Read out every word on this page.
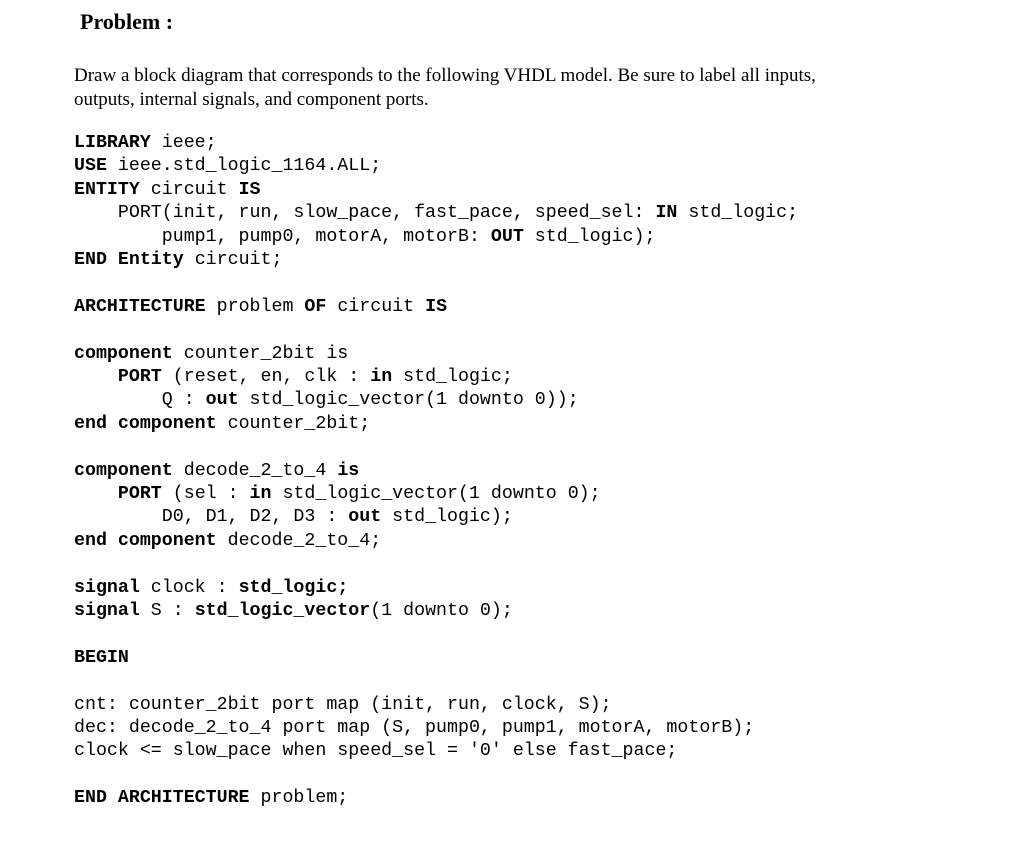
Problem :
Draw a block diagram that corresponds to the following VHDL model. Be sure to label all inputs,
outputs, internal signals, and component ports.
LIBRARY ieee;
USE ieee.std_logic_1164.ALL;
ENTITY circuit IS
PORT(init, run, slow_pace, fast_pace, speed_sel: IN std_logic;
pump1, pump0, motorA, motorB: OUT std_logic);
END Entity circuit;
ARCHITECTURE problem OF circuit IS
component counter_2bit is
PORT (reset, en, clk : in std_logic;
Q : out std_logic_vector(1 downto 0));
end component counter_2bit;
component decode_2_to_4 is
PORT (sel : in std_logic_vector(1 downto 0);
D0, D1, D2, D3 : out std_logic);
end component decode_2_to_4;
signal clock : std_logic;
signal S : std_logic_vector(1 downto 0);
BEGIN
cnt: counter_2bit port map (init, run, clock, S);
dec: decode_2_to_4 port map (S, pump0, pump1, motorA, motorB);
clock <= slow_pace when speed_sel = '0' else fast_pace;
END ARCHITECTURE problem;
